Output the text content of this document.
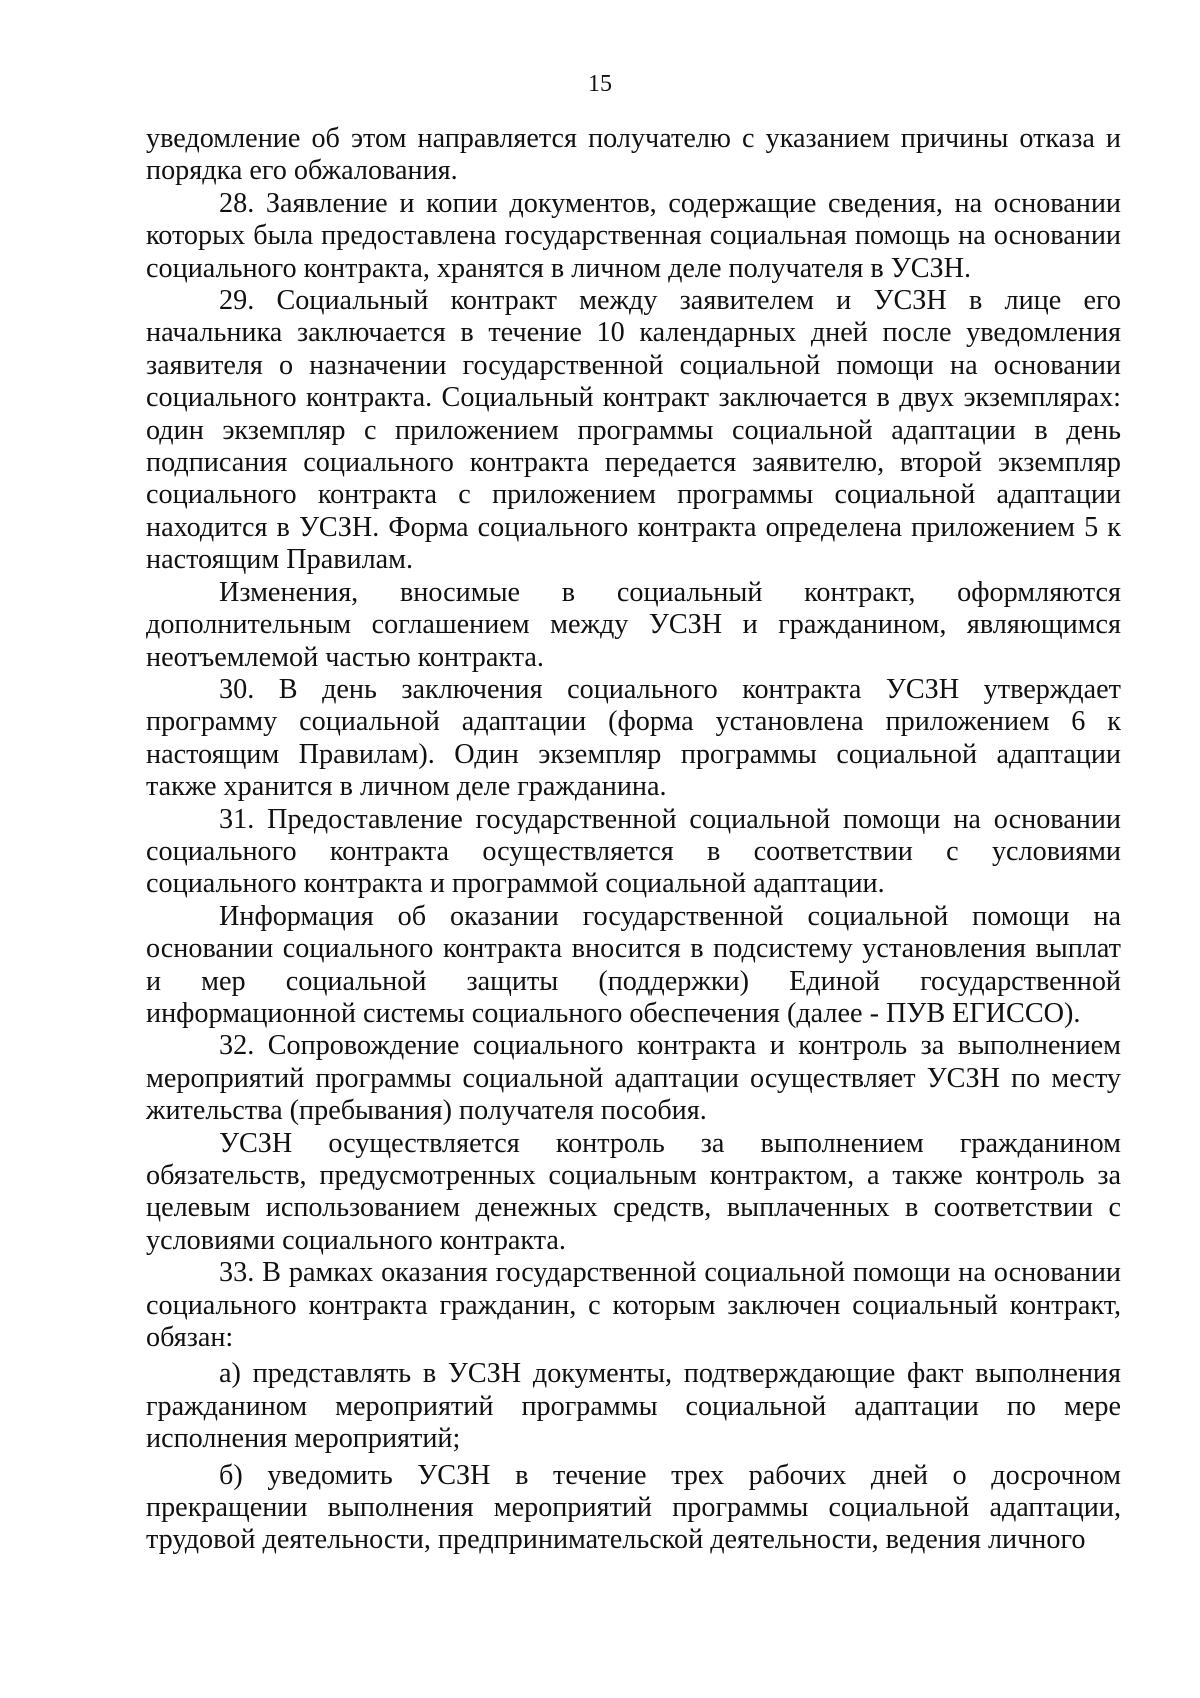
15

уведомление об этом направляется получателю с указанием причины отказа и порядка его обжалования.

28. Заявление и копии документов, содержащие сведения, на основании которых была предоставлена государственная социальная помощь на основании социального контракта, хранятся в личном деле получателя в УСЗН.

29. Социальный контракт между заявителем и УСЗН в лице его начальника заключается в течение 10 календарных дней после уведомления заявителя о назначении государственной социальной помощи на основании социального контракта. Социальный контракт заключается в двух экземплярах: один экземпляр с приложением программы социальной адаптации в день подписания социального контракта передается заявителю, второй экземпляр социального контракта с приложением программы социальной адаптации находится в УСЗН. Форма социального контракта определена приложением 5 к настоящим Правилам.

Изменения, вносимые в социальный контракт, оформляются дополнительным соглашением между УСЗН и гражданином, являющимся неотъемлемой частью контракта.

30. В день заключения социального контракта УСЗН утверждает программу социальной адаптации (форма установлена приложением 6 к настоящим Правилам). Один экземпляр программы социальной адаптации также хранится в личном деле гражданина.

31. Предоставление государственной социальной помощи на основании социального контракта осуществляется в соответствии с условиями социального контракта и программой социальной адаптации.

Информация об оказании государственной социальной помощи на основании социального контракта вносится в подсистему установления выплат и мер социальной защиты (поддержки) Единой государственной информационной системы социального обеспечения (далее - ПУВ ЕГИССО).

32. Сопровождение социального контракта и контроль за выполнением мероприятий программы социальной адаптации осуществляет УСЗН по месту жительства (пребывания) получателя пособия.

УСЗН осуществляется контроль за выполнением гражданином обязательств, предусмотренных социальным контрактом, а также контроль за целевым использованием денежных средств, выплаченных в соответствии с условиями социального контракта.

33. В рамках оказания государственной социальной помощи на основании социального контракта гражданин, с которым заключен социальный контракт, обязан:

а) представлять в УСЗН документы, подтверждающие факт выполнения гражданином мероприятий программы социальной адаптации по мере исполнения мероприятий;

б) уведомить УСЗН в течение трех рабочих дней о досрочном прекращении выполнения мероприятий программы социальной адаптации, трудовой деятельности, предпринимательской деятельности, ведения личного
